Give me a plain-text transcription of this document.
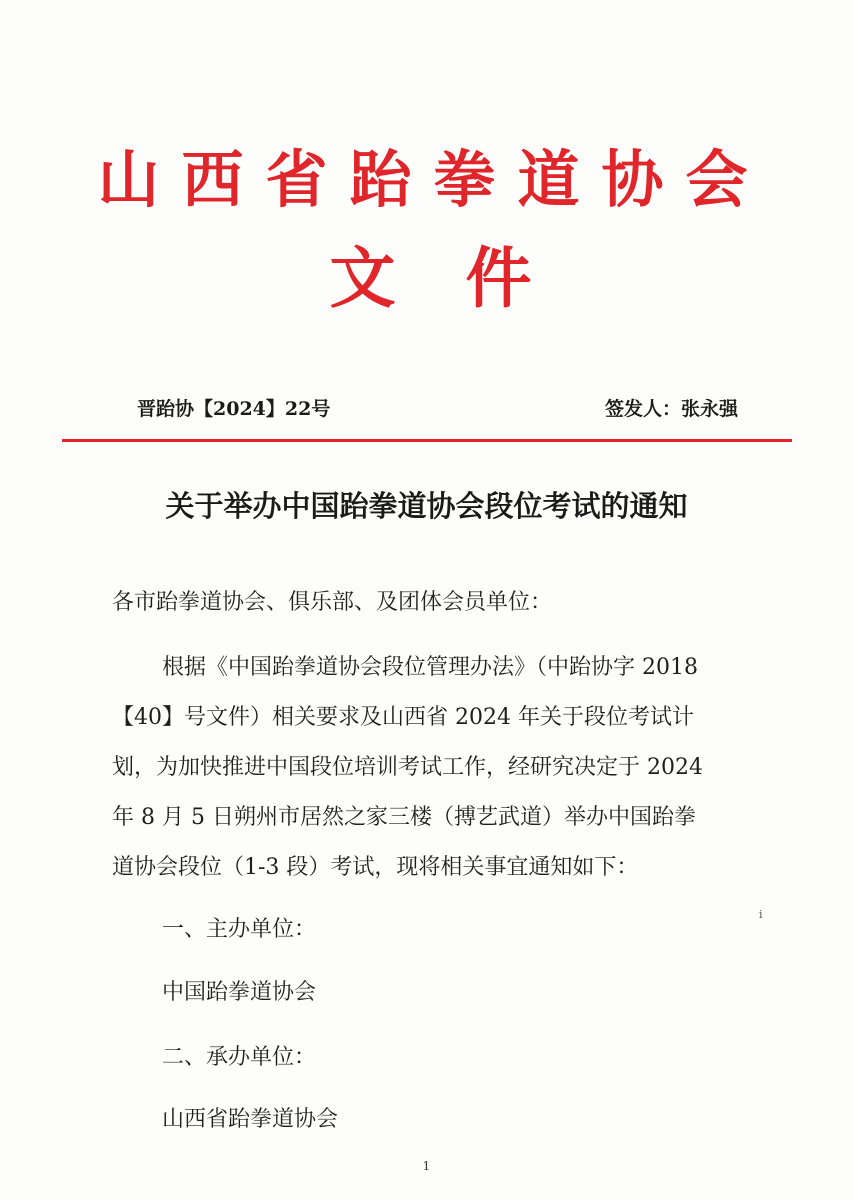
山西省跆拳道协会
文件
晋跆协【2024】22号	签发人：张永强
关于举办中国跆拳道协会段位考试的通知
各市跆拳道协会、俱乐部、及团体会员单位：
根据《中国跆拳道协会段位管理办法》（中跆协字 2018
【40】号文件）相关要求及山西省 2024 年关于段位考试计
划，为加快推进中国段位培训考试工作，经研究决定于 2024
年 8 月 5 日朔州市居然之家三楼（搏艺武道）举办中国跆拳
道协会段位（1-3 段）考试，现将相关事宜通知如下：
一、主办单位：
中国跆拳道协会
二、承办单位：
山西省跆拳道协会
ⅰ
1
